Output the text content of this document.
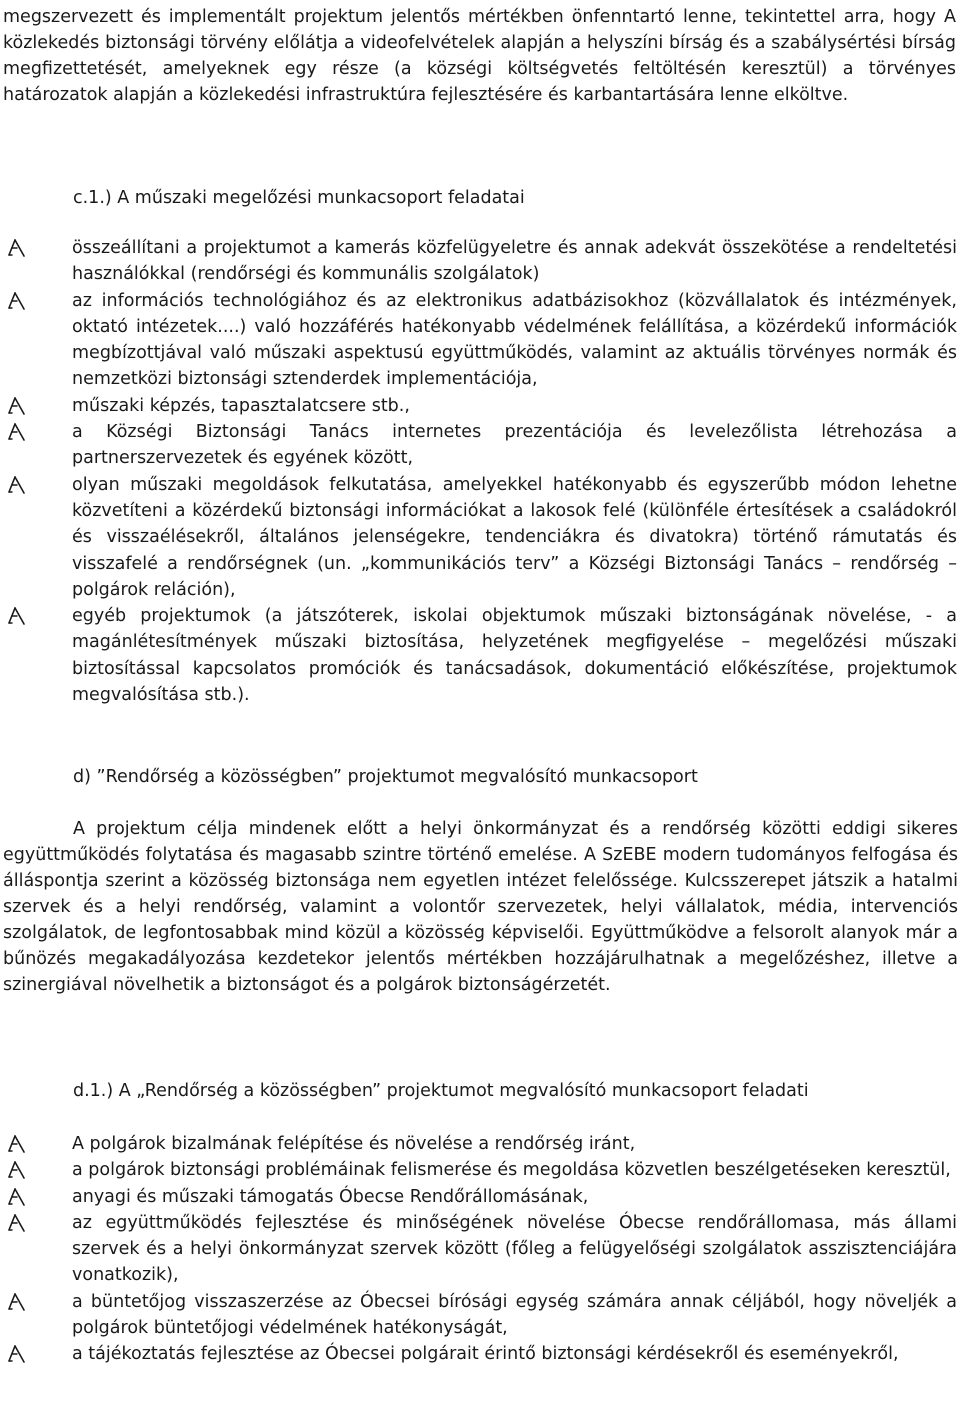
megszervezett és implementált projektum jelentős mértékben önfenntartó lenne, tekintettel arra, hogy A közlekedés biztonsági törvény előlátja a videofelvételek alapján a helyszíni bírság és a szabálysértési bírság megfizettetését, amelyeknek egy része (a községi költségvetés feltöltésén keresztül) a törvényes határozatok alapján a közlekedési infrastruktúra fejlesztésére és karbantartására lenne elköltve.

c.1.) A műszaki megelőzési munkacsoport feladatai

összeállítani a projektumot a kamerás közfelügyeletre és annak adekvát összekötése a rendeltetési használókkal (rendőrségi és kommunális szolgálatok)
az információs technológiához és az elektronikus adatbázisokhoz (közvállalatok és intézmények, oktató intézetek....) való hozzáférés hatékonyabb védelmének felállítása, a közérdekű információk megbízottjával való műszaki aspektusú együttműködés, valamint az aktuális törvényes normák és nemzetközi biztonsági sztenderdek implementációja,
műszaki képzés, tapasztalatcsere stb.,
a Községi Biztonsági Tanács internetes prezentációja és levelezőlista létrehozása a partnerszervezetek és egyének között,
olyan műszaki megoldások felkutatása, amelyekkel hatékonyabb és egyszerűbb módon lehetne közvetíteni a közérdekű biztonsági információkat a lakosok felé (különféle értesítések a családokról és visszaélésekről, általános jelenségekre, tendenciákra és divatokra) történő rámutatás és visszafelé a rendőrségnek (un. „kommunikációs terv” a Községi Biztonsági Tanács – rendőrség – polgárok reláción),
egyéb projektumok (a játszóterek, iskolai objektumok műszaki biztonságának növelése, - a magánlétesítmények műszaki biztosítása, helyzetének megfigyelése – megelőzési műszaki biztosítással kapcsolatos promóciók és tanácsadások, dokumentáció előkészítése, projektumok megvalósítása stb.).

d) ”Rendőrség a közösségben” projektumot megvalósító munkacsoport

A projektum célja mindenek előtt a helyi önkormányzat és a rendőrség közötti eddigi sikeres együttműködés folytatása és magasabb szintre történő emelése. A SzEBE modern tudományos felfogása és álláspontja szerint a közösség biztonsága nem egyetlen intézet felelőssége. Kulcsszerepet játszik a hatalmi szervek és a helyi rendőrség, valamint a volontőr szervezetek, helyi vállalatok, média, intervenciós szolgálatok, de legfontosabbak mind közül a közösség képviselői. Együttműködve a felsorolt alanyok már a bűnözés megakadályozása kezdetekor jelentős mértékben hozzájárulhatnak a megelőzéshez, illetve a szinergiával növelhetik a biztonságot és a polgárok biztonságérzetét.

d.1.) A „Rendőrség a közösségben” projektumot megvalósító munkacsoport feladati

A polgárok bizalmának felépítése és növelése a rendőrség iránt,
a polgárok biztonsági problémáinak felismerése és megoldása közvetlen beszélgetéseken keresztül,
anyagi és műszaki támogatás Óbecse Rendőrállomásának,
az együttműködés fejlesztése és minőségének növelése Óbecse rendőrállomasa, más állami szervek és a helyi önkormányzat szervek között (főleg a felügyelőségi szolgálatok asszisztenciájára vonatkozik),
a büntetőjog visszaszerzése az Óbecsei bírósági egység számára annak céljából, hogy növeljék a polgárok büntetőjogi védelmének hatékonyságát,
a tájékoztatás fejlesztése az Óbecsei polgárait érintő biztonsági kérdésekről és eseményekről,
